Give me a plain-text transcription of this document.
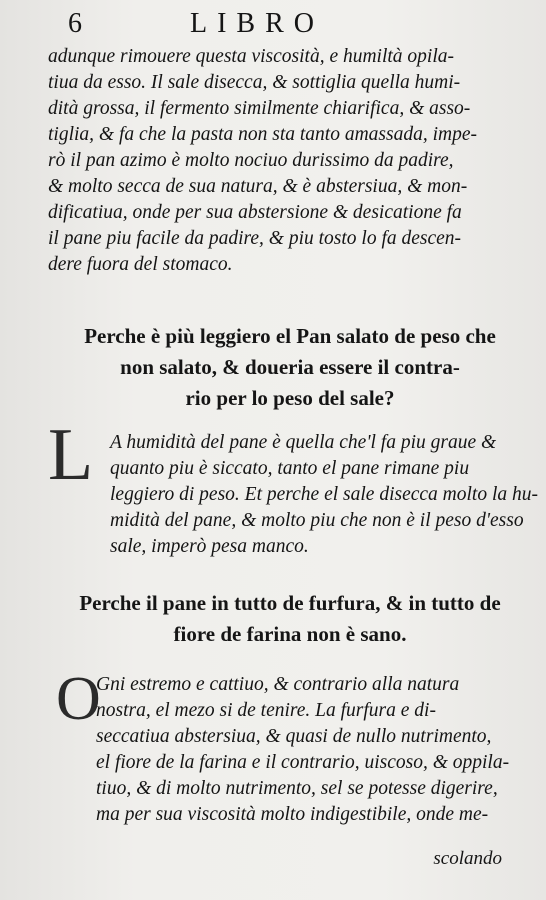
6	LIBRO

adunque rimouere questa viscosità, e humiltà opila-
tiua da esso. Il sale disecca, & sottiglia quella humi-
dità grossa, il fermento similmente chiarifica, & asso-
tiglia, & fa che la pasta non sta tanto amassada, impe-
rò il pan azimo è molto nociuo durissimo da padire,
& molto secca de sua natura, & è abstersiua, & mon-
dificatiua, onde per sua abstersione & desicatione fa
il pane piu facile da padire, & piu tosto lo fa descen-
dere fuora del stomaco.

Perche è più leggiero el Pan salato de peso che
non salato, & doueria essere il contra-
rio per lo peso del sale?
L A humidità del pane è quella che'l fa piu graue &
quanto piu è siccato, tanto el pane rimane piu
leggiero di peso. Et perche el sale disecca molto la hu-
midità del pane, & molto piu che non è il peso d'esso
sale, imperò pesa manco.

Perche il pane in tutto de furfura, & in tutto de
fiore de farina non è sano.
O

Gni estremo e cattiuo, & contrario alla natura
nostra, el mezo si de tenire. La furfura e di-
seccatiua abstersiua, & quasi de nullo nutrimento,
el fiore de la farina e il contrario, uiscoso, & oppila-
tiuo, & di molto nutrimento, sel se potesse digerire,
ma per sua viscosità molto indigestibile, onde me-

scolando
